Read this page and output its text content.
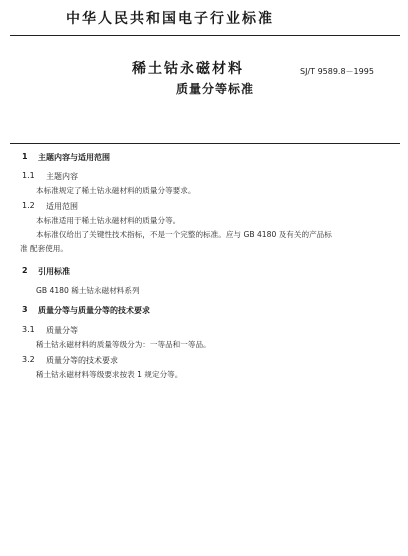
中华人民共和国电子行业标准
稀土钴永磁材料
质量分等标准
SJ/T 9589.8－1995
1 主题内容与适用范围
1.1 主题内容
本标准规定了稀土钴永磁材料的质量分等要求。
1.2 适用范围
本标准适用于稀土钴永磁材料的质量分等。
本标准仅给出了关键性技术指标，不是一个完整的标准。应与 GB 4180 及有关的产品标
准 配套使用。
2 引用标准
GB 4180 稀土钴永磁材料系列
3 质量分等与质量分等的技术要求
3.1 质量分等
稀土钴永磁材料的质量等级分为：一等品和一等品。
3.2 质量分等的技术要求
稀土钴永磁材料等级要求按表 1 规定分等。
